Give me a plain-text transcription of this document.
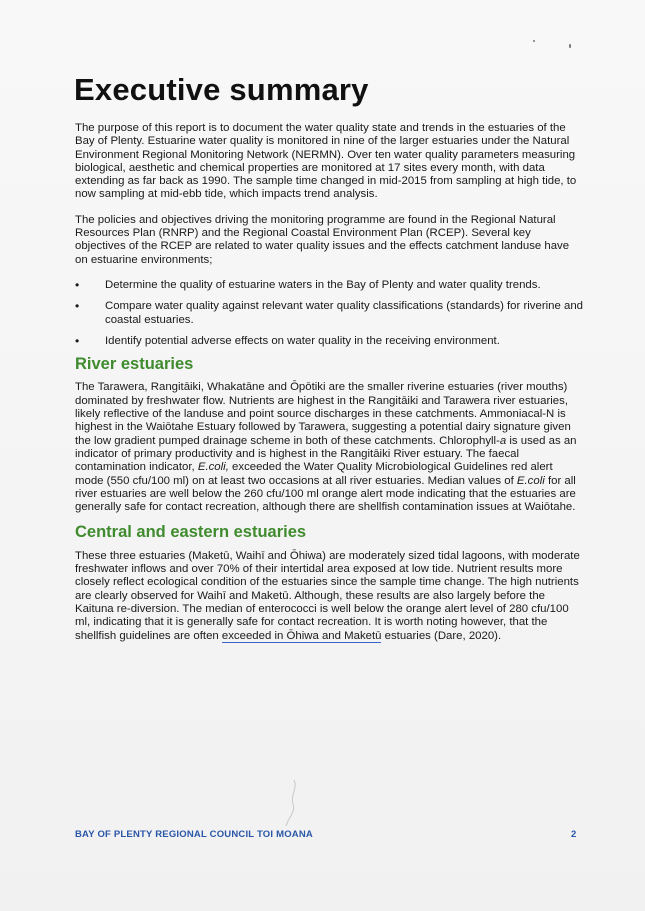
Executive summary

The purpose of this report is to document the water quality state and trends in the estuaries of the Bay of Plenty. Estuarine water quality is monitored in nine of the larger estuaries under the Natural Environment Regional Monitoring Network (NERMN). Over ten water quality parameters measuring biological, aesthetic and chemical properties are monitored at 17 sites every month, with data extending as far back as 1990. The sample time changed in mid-2015 from sampling at high tide, to now sampling at mid-ebb tide, which impacts trend analysis.

The policies and objectives driving the monitoring programme are found in the Regional Natural Resources Plan (RNRP) and the Regional Coastal Environment Plan (RCEP). Several key objectives of the RCEP are related to water quality issues and the effects catchment landuse have on estuarine environments;

• Determine the quality of estuarine waters in the Bay of Plenty and water quality trends.
• Compare water quality against relevant water quality classifications (standards) for riverine and coastal estuaries.
• Identify potential adverse effects on water quality in the receiving environment.
River estuaries

The Tarawera, Rangitāiki, Whakatāne and Ōpōtiki are the smaller riverine estuaries (river mouths) dominated by freshwater flow. Nutrients are highest in the Rangitāiki and Tarawera river estuaries, likely reflective of the landuse and point source discharges in these catchments. Ammoniacal-N is highest in the Waiōtahe Estuary followed by Tarawera, suggesting a potential dairy signature given the low gradient pumped drainage scheme in both of these catchments. Chlorophyll-a is used as an indicator of primary productivity and is highest in the Rangitāiki River estuary. The faecal contamination indicator, E.coli, exceeded the Water Quality Microbiological Guidelines red alert mode (550 cfu/100 ml) on at least two occasions at all river estuaries. Median values of E.coli for all river estuaries are well below the 260 cfu/100 ml orange alert mode indicating that the estuaries are generally safe for contact recreation, although there are shellfish contamination issues at Waiōtahe.

Central and eastern estuaries

These three estuaries (Maketū, Waihī and Ōhiwa) are moderately sized tidal lagoons, with moderate freshwater inflows and over 70% of their intertidal area exposed at low tide. Nutrient results more closely reflect ecological condition of the estuaries since the sample time change. The high nutrients are clearly observed for Waihī and Maketū. Although, these results are also largely before the Kaituna re-diversion. The median of enterococci is well below the orange alert level of 280 cfu/100 ml, indicating that it is generally safe for contact recreation. It is worth noting however, that the shellfish guidelines are often exceeded in Ōhiwa and Maketū estuaries (Dare, 2020).

BAY OF PLENTY REGIONAL COUNCIL TOI MOANA	2
